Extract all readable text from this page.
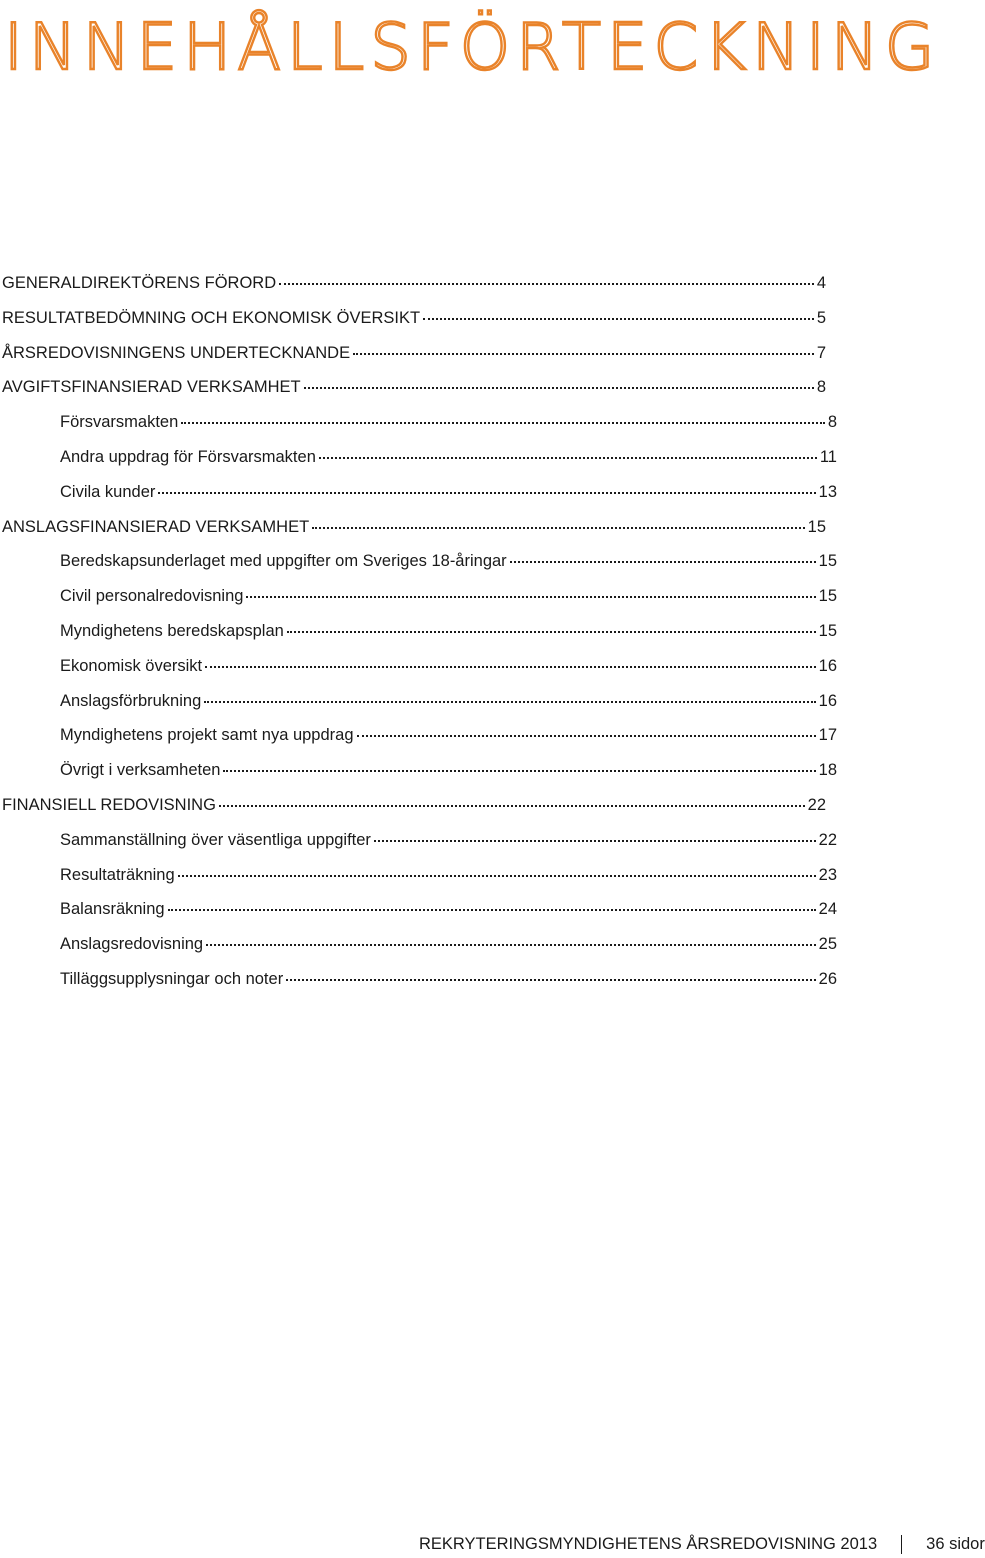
INNEHÅLLSFÖRTECKNING
GENERALDIREKTÖRENS FÖRORD	4
RESULTATBEDÖMNING OCH EKONOMISK ÖVERSIKT	5
ÅRSREDOVISNINGENS UNDERTECKNANDE	7
AVGIFTSFINANSIERAD VERKSAMHET	8
Försvarsmakten	8
Andra uppdrag för Försvarsmakten	11
Civila kunder	13
ANSLAGSFINANSIERAD VERKSAMHET	15
Beredskapsunderlaget med uppgifter om Sveriges 18-åringar	15
Civil personalredovisning	15
Myndighetens beredskapsplan	15
Ekonomisk översikt	16
Anslagsförbrukning	16
Myndighetens projekt samt nya uppdrag	17
Övrigt i verksamheten	18
FINANSIELL REDOVISNING	22
Sammanställning över väsentliga uppgifter	22
Resultaträkning	23
Balansräkning	24
Anslagsredovisning	25
Tilläggsupplysningar och noter	26
REKRYTERINGSMYNDIGHETENS ÅRSREDOVISNING 2013	36 sidor
